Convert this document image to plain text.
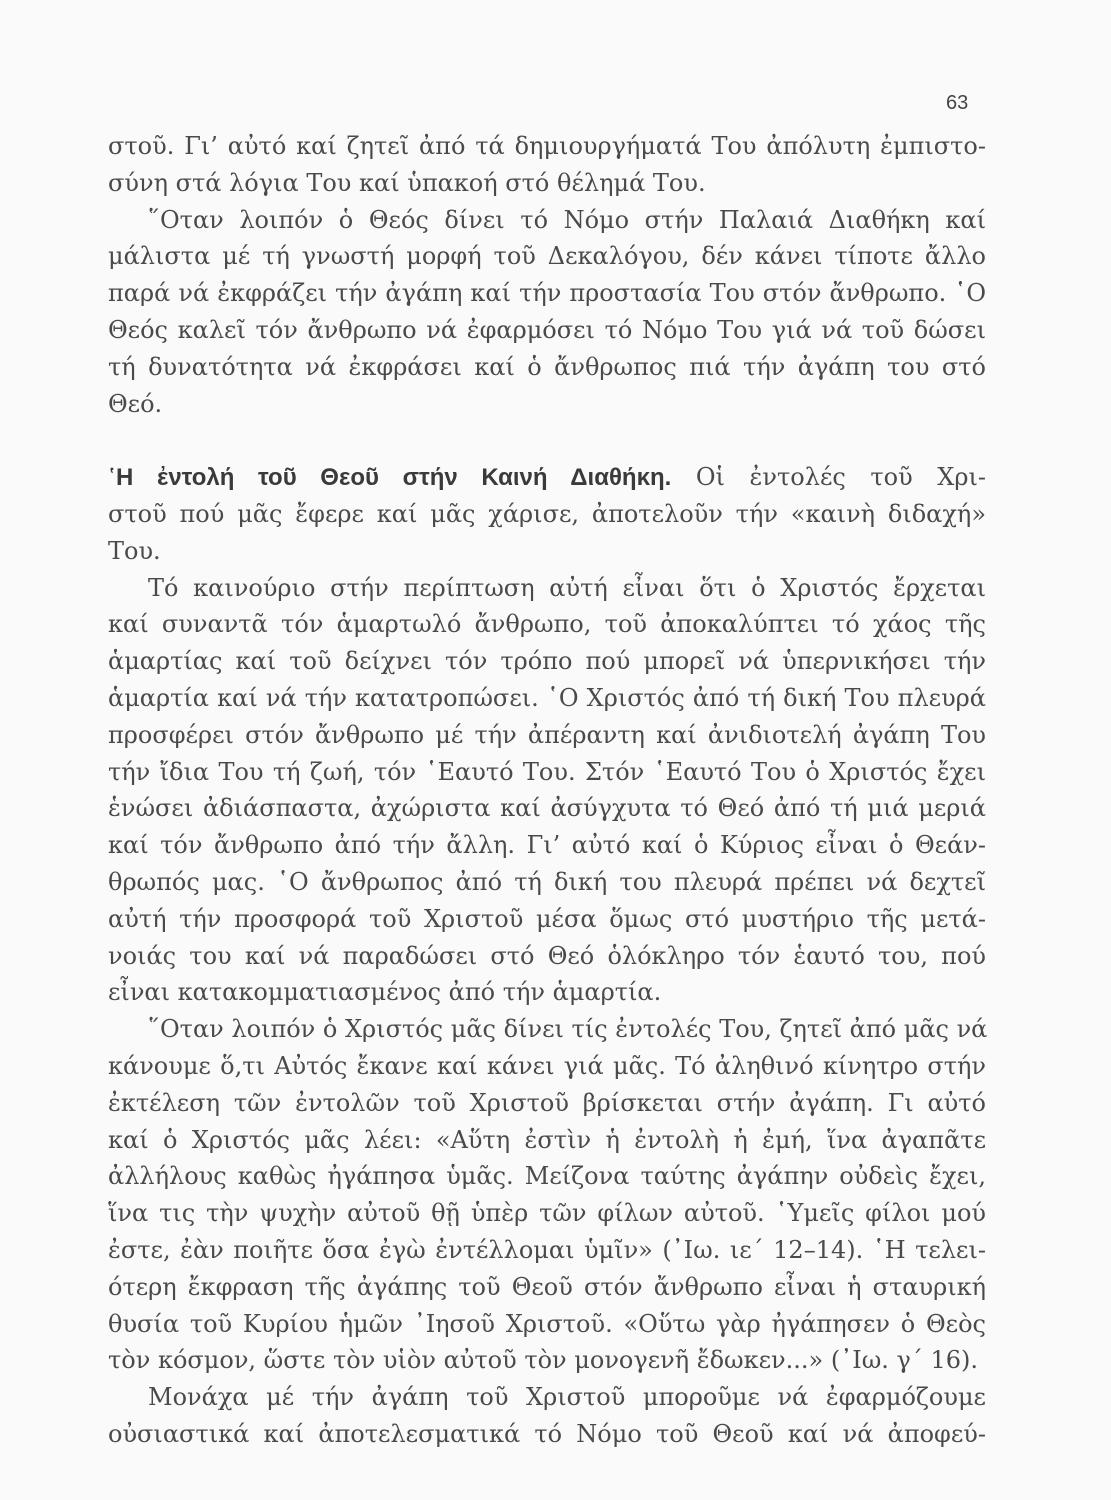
63

στοῦ. Γι’ αὐτό καί ζητεῖ ἀπό τά δημιουργήματά Του ἀπόλυτη ἐμπιστο-
σύνη στά λόγια Του καί ὑπακοή στό θέλημά Του.
῞Οταν λοιπόν ὁ Θεός δίνει τό Νόμο στήν Παλαιά Διαθήκη καί
μάλιστα μέ τή γνωστή μορφή τοῦ Δεκαλόγου, δέν κάνει τίποτε ἄλλο
παρά νά ἐκφράζει τήν ἀγάπη καί τήν προστασία Του στόν ἄνθρωπο. ῾Ο
Θεός καλεῖ τόν ἄνθρωπο νά ἐφαρμόσει τό Νόμο Του γιά νά τοῦ δώσει
τή δυνατότητα νά ἐκφράσει καί ὁ ἄνθρωπος πιά τήν ἀγάπη του στό
Θεό.
῾Η ἐντολή τοῦ Θεοῦ στήν Καινή Διαθήκη. Οἱ ἐντολές τοῦ Χρι-
στοῦ πού μᾶς ἔφερε καί μᾶς χάρισε, ἀποτελοῦν τήν «καινὴ διδαχή»
Του.
Τό καινούριο στήν περίπτωση αὐτή εἶναι ὅτι ὁ Χριστός ἔρχεται
καί συναντᾶ τόν ἁμαρτωλό ἄνθρωπο, τοῦ ἀποκαλύπτει τό χάος τῆς
ἁμαρτίας καί τοῦ δείχνει τόν τρόπο πού μπορεῖ νά ὑπερνικήσει τήν
ἁμαρτία καί νά τήν κατατροπώσει. ῾Ο Χριστός ἀπό τή δική Του πλευρά
προσφέρει στόν ἄνθρωπο μέ τήν ἀπέραντη καί ἀνιδιοτελή ἀγάπη Του
τήν ἴδια Του τή ζωή, τόν ῾Εαυτό Του. Στόν ῾Εαυτό Του ὁ Χριστός ἔχει
ἑνώσει ἀδιάσπαστα, ἀχώριστα καί ἀσύγχυτα τό Θεό ἀπό τή μιά μεριά
καί τόν ἄνθρωπο ἀπό τήν ἄλλη. Γι’ αὐτό καί ὁ Κύριος εἶναι ὁ Θεάν-
θρωπός μας. ῾Ο ἄνθρωπος ἀπό τή δική του πλευρά πρέπει νά δεχτεῖ
αὐτή τήν προσφορά τοῦ Χριστοῦ μέσα ὅμως στό μυστήριο τῆς μετά-
νοιάς του καί νά παραδώσει στό Θεό ὁλόκληρο τόν ἑαυτό του, πού
εἶναι κατακομματιασμένος ἀπό τήν ἁμαρτία.
῞Οταν λοιπόν ὁ Χριστός μᾶς δίνει τίς ἐντολές Του, ζητεῖ ἀπό μᾶς νά
κάνουμε ὅ,τι Αὐτός ἔκανε καί κάνει γιά μᾶς. Τό ἀληθινό κίνητρο στήν
ἐκτέλεση τῶν ἐντολῶν τοῦ Χριστοῦ βρίσκεται στήν ἀγάπη. Γι αὐτό
καί ὁ Χριστός μᾶς λέει: «Αὕτη ἐστὶν ἡ ἐντολὴ ἡ ἐμή, ἵνα ἀγαπᾶτε
ἀλλήλους καθὼς ἠγάπησα ὑμᾶς. Μείζονα ταύτης ἀγάπην οὐδεὶς ἔχει,
ἵνα τις τὴν ψυχὴν αὐτοῦ θῇ ὑπὲρ τῶν φίλων αὐτοῦ. ῾Υμεῖς φίλοι μού
ἐστε, ἐὰν ποιῆτε ὅσα ἐγὼ ἐντέλλομαι ὑμῖν» (᾿Ιω. ιε΄ 12–14). ῾Η τελει-
ότερη ἔκφραση τῆς ἀγάπης τοῦ Θεοῦ στόν ἄνθρωπο εἶναι ἡ σταυρική
θυσία τοῦ Κυρίου ἡμῶν ᾿Ιησοῦ Χριστοῦ. «Οὕτω γὰρ ἠγάπησεν ὁ Θεὸς
τὸν κόσμον, ὥστε τὸν υἱὸν αὐτοῦ τὸν μονογενῆ ἔδωκεν...» (᾿Ιω. γ΄ 16).
Μονάχα μέ τήν ἀγάπη τοῦ Χριστοῦ μποροῦμε νά ἐφαρμόζουμε
οὐσιαστικά καί ἀποτελεσματικά τό Νόμο τοῦ Θεοῦ καί νά ἀποφεύ-
